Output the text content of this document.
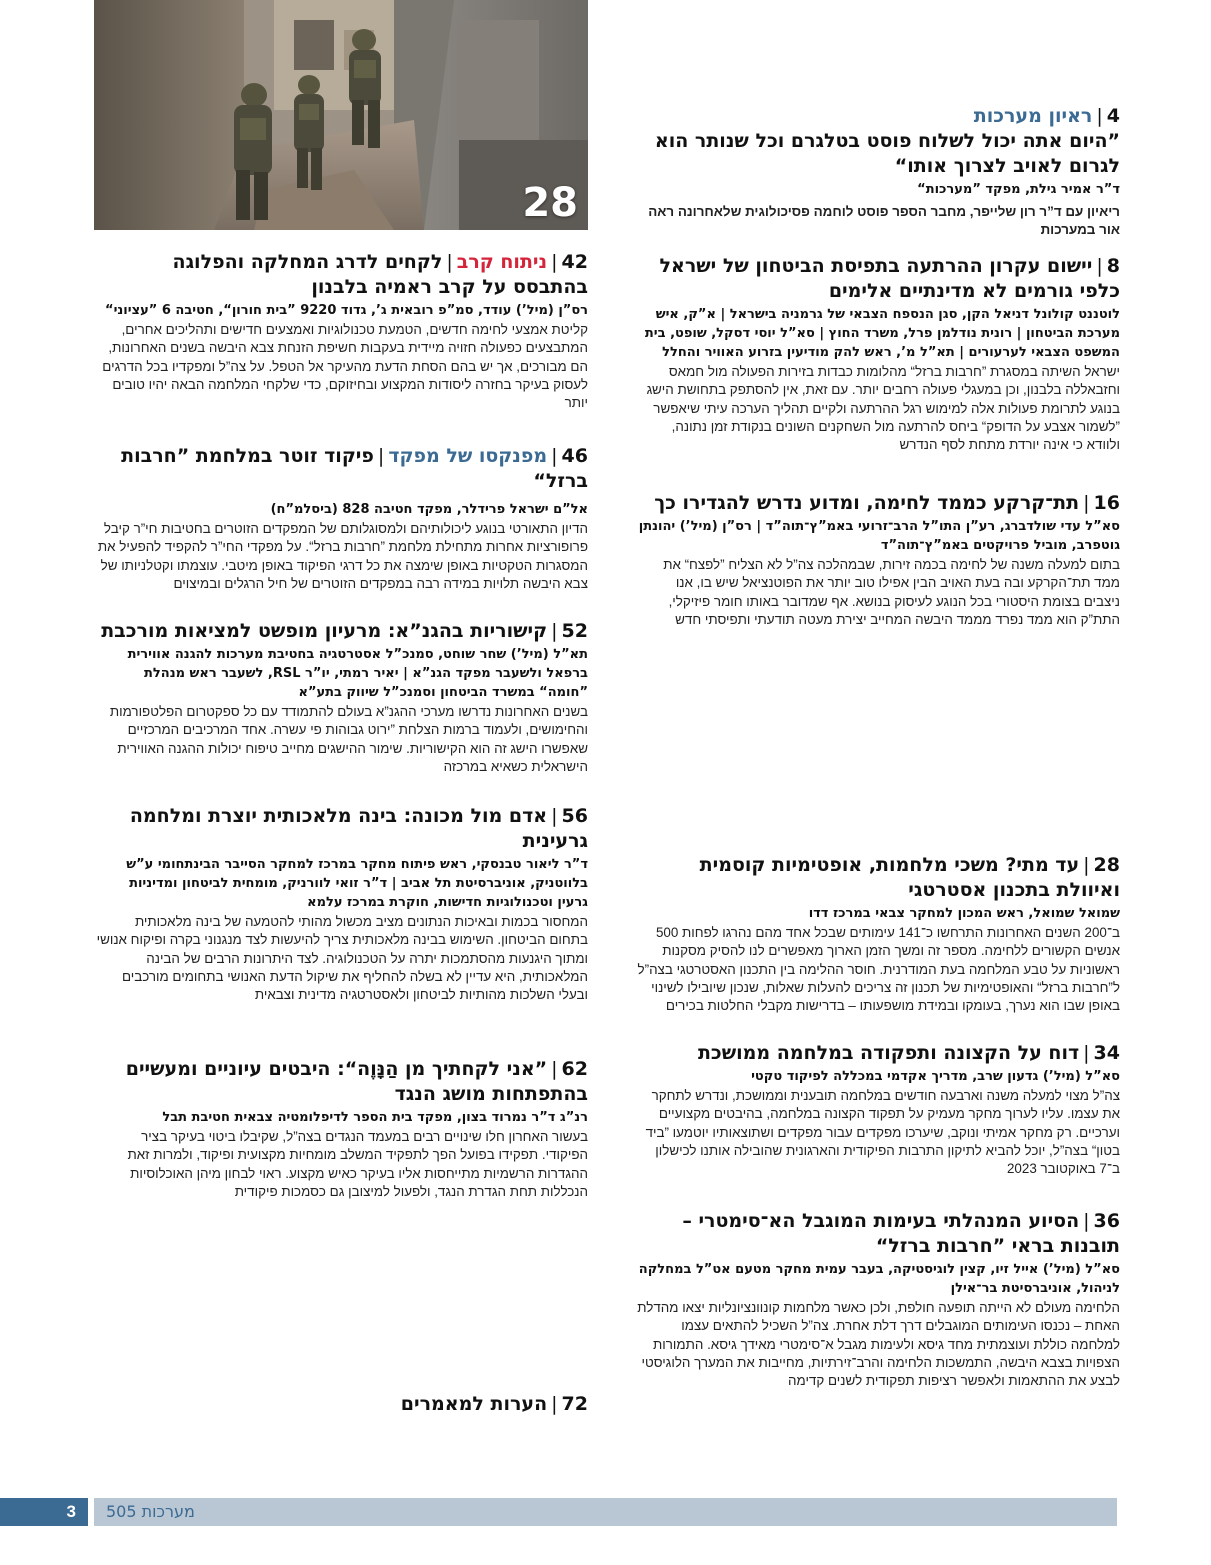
28
4|ראיון מערכות
”היום אתה יכול לשלוח פוסט בטלגרם וכל שנותר הוא לגרום לאויב לצרוך אותו“

ד”ר אמיר גילת, מפקד ”מערכות“

ריאיון עם ד”ר רון שלייפר, מחבר הספר פוסט לוחמה פסיכולוגית שלאחרונה ראה אור במערכות

8|יישום עקרון ההרתעה בתפיסת הביטחון של ישראל כלפי גורמים לא מדינתיים אלימים

לוטננט קולונל דניאל הקן, סגן הנספח הצבאי של גרמניה בישראל | א”ק, איש מערכת הביטחון | רונית נודלמן פרל, משרד החוץ | סא”ל יוסי דסקל, שופט, בית המשפט הצבאי לערעורים | תא”ל מ’, ראש להק מודיעין בזרוע האוויר והחלל

ישראל השיתה במסגרת ”חרבות ברזל“ מהלומות כבדות בזירות הפעולה מול חמאס וחזבאללה בלבנון, וכן במעגלי פעולה רחבים יותר. עם זאת, אין להסתפק בתחושת הישג בנוגע לתרומת פעולות אלה למימוש רגל ההרתעה ולקיים תהליך הערכה עיתי שיאפשר ”לשמור אצבע על הדופק“ ביחס להרתעה מול השחקנים השונים בנקודת זמן נתונה, ולוודא כי אינה יורדת מתחת לסף הנדרש

16|תת־קרקע כממד לחימה, ומדוע נדרש להגדירו כך

סא”ל עדי שולדברג, רע”ן התו”ל הרב־זרועי באמ”ץ־תוה”ד | רס”ן (מיל’) יהונתן גוטפרב, מוביל פרויקטים באמ”ץ־תוה”ד

בתום למעלה משנה של לחימה בכמה זירות, שבמהלכה צה”ל לא הצליח ”לפצח“ את ממד תת־הקרקע ובה בעת האויב הבין אפילו טוב יותר את הפוטנציאל שיש בו, אנו ניצבים בצומת היסטורי בכל הנוגע לעיסוק בנושא. אף שמדובר באותו חומר פיזיקלי, התת”ק הוא ממד נפרד מממד היבשה המחייב יצירת מעטה תודעתי ותפיסתי חדש

28|עד מתי? משכי מלחמות, אופטימיות קוסמית ואיוולת בתכנון אסטרטגי

שמואל שמואל, ראש המכון למחקר צבאי במרכז דדו

ב־200 השנים האחרונות התרחשו כ־141 עימותים שבכל אחד מהם נהרגו לפחות 500 אנשים הקשורים ללחימה. מספר זה ומשך הזמן הארוך מאפשרים לנו להסיק מסקנות ראשוניות על טבע המלחמה בעת המודרנית. חוסר ההלימה בין התכנון האסטרטגי בצה”ל ל”חרבות ברזל“ והאופטימיות של תכנון זה צריכים להעלות שאלות, שנכון שיובילו לשינוי באופן שבו הוא נערך, בעומקו ובמידת מושפעותו – בדרישות מקבלי החלטות בכירים

34|דוח על הקצונה ותפקודה במלחמה ממושכת

סא”ל (מיל’) גדעון שרב, מדריך אקדמי במכללה לפיקוד טקטי

צה”ל מצוי למעלה משנה וארבעה חודשים במלחמה תובענית וממושכת, ונדרש לתחקר את עצמו. עליו לערוך מחקר מעמיק על תפקוד הקצונה במלחמה, בהיבטים מקצועיים וערכיים. רק מחקר אמיתי ונוקב, שיערכו מפקדים עבור מפקדים ושתוצאותיו יוטמעו ”ביד בטון“ בצה”ל, יוכל להביא לתיקון התרבות הפיקודית והארגונית שהובילה אותנו לכישלון ב־7 באוקטובר 2023

36|הסיוע המנהלתי בעימות המוגבל הא־סימטרי – תובנות בראי ”חרבות ברזל“

סא”ל (מיל’) אייל זיו, קצין לוגיסטיקה, בעבר עמית מחקר מטעם אט”ל במחלקה לניהול, אוניברסיטת בר־אילן

הלחימה מעולם לא הייתה תופעה חולפת, ולכן כאשר מלחמות קונוונציונליות יצאו מהדלת האחת – נכנסו העימותים המוגבלים דרך דלת אחרת. צה”ל השכיל להתאים עצמו למלחמה כוללת ועוצמתית מחד גיסא ולעימות מגבל א־סימטרי מאידך גיסא. התמורות הצפויות בצבא היבשה, התמשכות הלחימה והרב־זירתיות, מחייבות את המערך הלוגיסטי לבצע את ההתאמות ולאפשר רציפות תפקודית לשנים קדימה

42|ניתוח קרב|לקחים לדרג המחלקה והפלוגה בהתבסס על קרב ראמיה בלבנון

רס”ן (מיל’) עודד, סמ”פ רובאית ג’, גדוד 9220 ”בית חורון“, חטיבה 6 ”עציוני“

קליטת אמצעי לחימה חדשים, הטמעת טכנולוגיות ואמצעים חדישים ותהליכים אחרים, המתבצעים כפעולה חזויה מיידית בעקבות חשיפת הזנחת צבא היבשה בשנים האחרונות, הם מבורכים, אך יש בהם הסחת הדעת מהעיקר אל הטפל. על צה”ל ומפקדיו בכל הדרגים לעסוק בעיקר בחזרה ליסודות המקצוע ובחיזוקם, כדי שלקחי המלחמה הבאה יהיו טובים יותר

46|מפנקסו של מפקד|פיקוד זוטר במלחמת ”חרבות ברזל“

אל”ם ישראל פרידלר, מפקד חטיבה 828 (ביסלמ”ח)

הדיון התאורטי בנוגע ליכולותיהם ולמסוגלותם של המפקדים הזוטרים בחטיבות חי”ר קיבל פרופורציות אחרות מתחילת מלחמת ”חרבות ברזל“. על מפקדי החי”ר להקפיד להפעיל את המסגרות הטקטיות באופן שימצה את כל דרגי הפיקוד באופן מיטבי. עוצמתו וקטלניותו של צבא היבשה תלויות במידה רבה במפקדים הזוטרים של חיל הרגלים ובמיצוים

52|קישוריות בהגנ”א: מרעיון מופשט למציאות מורכבת

תא”ל (מיל’) שחר שוחט, סמנכ”ל אסטרטגיה בחטיבת מערכות להגנה אווירית ברפאל ולשעבר מפקד הגנ”א | יאיר רמתי, יו”ר RSL, לשעבר ראש מנהלת ”חומה“ במשרד הביטחון וסמנכ”ל שיווק בתע”א

בשנים האחרונות נדרשו מערכי ההגנ”א בעולם להתמודד עם כל ספקטרום הפלטפורמות והחימושים, ולעמוד ברמות הצלחת ”ירוט גבוהות פי עשרה. אחד המרכיבים המרכזיים שאפשרו הישג זה הוא הקישוריות. שימור ההישגים מחייב טיפוח יכולות ההגנה האווירית הישראלית כשאיא במרכזה

56|אדם מול מכונה: בינה מלאכותית יוצרת ומלחמה גרעינית

ד”ר ליאור טבנסקי, ראש פיתוח מחקר במרכז למחקר הסייבר הבינתחומי ע”ש בלווטניק, אוניברסיטת תל אביב | ד”ר זואי לוורניק, מומחית לביטחון ומדיניות גרעין וטכנולוגיות חדישות, חוקרת במרכז עלמא

המחסור בכמות ובאיכות הנתונים מציב מכשול מהותי להטמעה של בינה מלאכותית בתחום הביטחון. השימוש בבינה מלאכותית צריך להיעשות לצד מנגנוני בקרה ופיקוח אנושי ומתוך היגנעות מהסתמכות יתרה על הטכנולוגיה. לצד היתרונות הרבים של הבינה המלאכותית, היא עדיין לא בשלה להחליף את שיקול הדעת האנושי בתחומים מורכבים ובעלי השלכות מהותיות לביטחון ולאסטרטגיה מדינית וצבאית

62|”אני לקחתיך מן הַנָּוֶה“: היבטים עיוניים ומעשיים בהתפתחות מושג הנגד

רנ”ג ד”ר נמרוד בצון, מפקד בית הספר לדיפלומטיה צבאית חטיבת תבל

בעשור האחרון חלו שינויים רבים במעמד הנגדים בצה”ל, שקיבלו ביטוי בעיקר בציר הפיקודי. תפקידו בפועל הפך לתפקיד המשלב מומחיות מקצועית ופיקוד, ולמרות זאת ההגדרות הרשמיות מתייחסות אליו בעיקר כאיש מקצוע. ראוי לבחון מיהן האוכלוסיות הנכללות תחת הגדרת הנגד, ולפעול למיצובן גם כסמכות פיקודית

72|הערות למאמרים
3 מערכות 505
